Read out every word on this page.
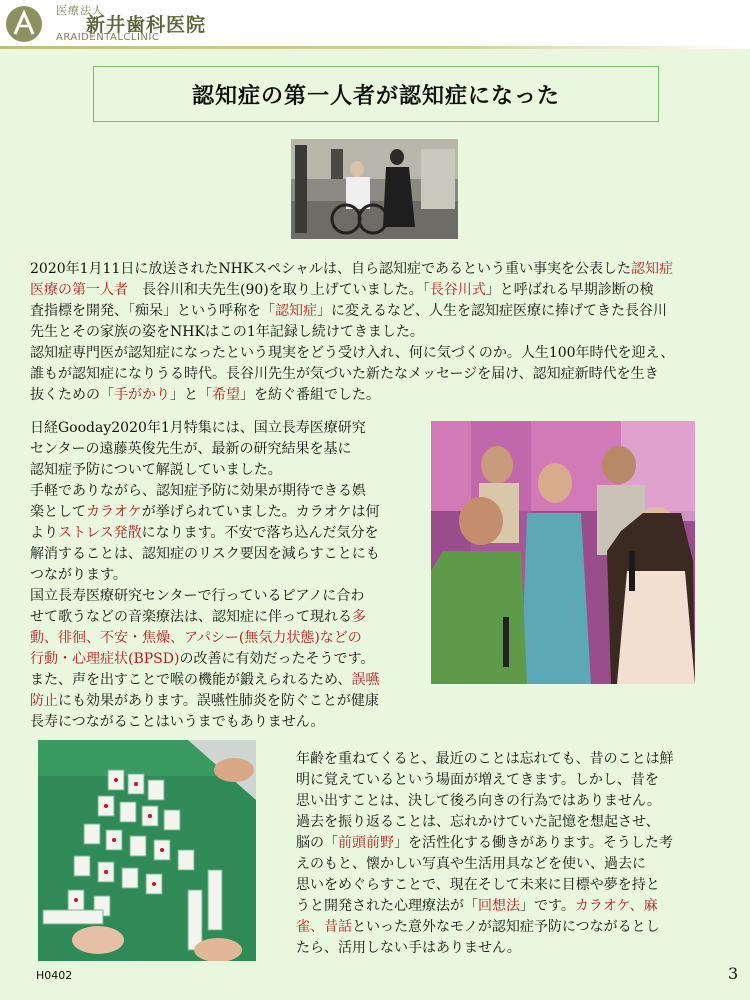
医療法人
新井歯科医院
ARAIDENTALCLINIC
認知症の第一人者が認知症になった

2020年1月11日に放送されたNHKスペシャルは、自ら認知症であるという重い事実を公表した認知症
医療の第一人者　長谷川和夫先生(90)を取り上げていました。「長谷川式」と呼ばれる早期診断の検
査指標を開発、「痴呆」という呼称を「認知症」に変えるなど、人生を認知症医療に捧げてきた長谷川
先生とその家族の姿をNHKはこの1年記録し続けてきました。
認知症専門医が認知症になったという現実をどう受け入れ、何に気づくのか。人生100年時代を迎え、
誰もが認知症になりうる時代。長谷川先生が気づいた新たなメッセージを届け、認知症新時代を生き
抜くための「手がかり」と「希望」を紡ぐ番組でした。

日経Gooday2020年1月特集には、国立長寿医療研究
センターの遠藤英俊先生が、最新の研究結果を基に
認知症予防について解説していました。
手軽でありながら、認知症予防に効果が期待できる娯
楽としてカラオケが挙げられていました。カラオケは何
よりストレス発散になります。不安で落ち込んだ気分を
解消することは、認知症のリスク要因を減らすことにも
つながります。
国立長寿医療研究センターで行っているピアノに合わ
せて歌うなどの音楽療法は、認知症に伴って現れる多
動、徘徊、不安・焦燥、アパシー(無気力状態)などの
行動・心理症状(BPSD)の改善に有効だったそうです。
また、声を出すことで喉の機能が鍛えられるため、誤嚥
防止にも効果があります。誤嚥性肺炎を防ぐことが健康
長寿につながることはいうまでもありません。

年齢を重ねてくると、最近のことは忘れても、昔のことは鮮
明に覚えているという場面が増えてきます。しかし、昔を
思い出すことは、決して後ろ向きの行為ではありません。
過去を振り返ることは、忘れかけていた記憶を想起させ、
脳の「前頭前野」を活性化する働きがあります。そうした考
えのもと、懐かしい写真や生活用具などを使い、過去に
思いをめぐらすことで、現在そして未来に目標や夢を持と
うと開発された心理療法が「回想法」です。カラオケ、麻
雀、昔話といった意外なモノが認知症予防につながるとし
たら、活用しない手はありません。

H0402	3
